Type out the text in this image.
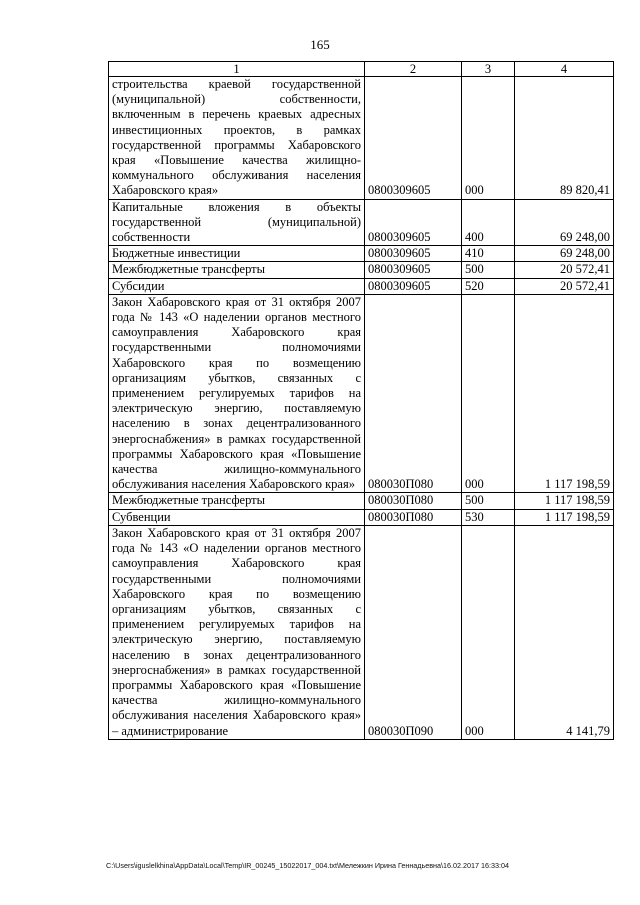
165
1	2	3	4
строительства краевой государственной (муниципальной) собственности, включенным в перечень краевых адресных инвестиционных проектов, в рамках государственной программы Хабаровского края «Повышение качества жилищно-коммунального обслуживания населения Хабаровского края»	0800309605	000	89 820,41
Капитальные вложения в объекты государственной (муниципальной) собственности	0800309605	400	69 248,00
Бюджетные инвестиции	0800309605	410	69 248,00
Межбюджетные трансферты	0800309605	500	20 572,41
Субсидии	0800309605	520	20 572,41
Закон Хабаровского края от 31 октября 2007 года № 143 «О наделении органов местного самоуправления Хабаровского края государственными полномочиями Хабаровского края по возмещению организациям убытков, связанных с применением регулируемых тарифов на электрическую энергию, поставляемую населению в зонах децентрализованного энергоснабжения» в рамках государственной программы Хабаровского края «Повышение качества жилищно-коммунального обслуживания населения Хабаровского края»	080030П080	000	1 117 198,59
Межбюджетные трансферты	080030П080	500	1 117 198,59
Субвенции	080030П080	530	1 117 198,59
Закон Хабаровского края от 31 октября 2007 года № 143 «О наделении органов местного самоуправления Хабаровского края государственными полномочиями Хабаровского края по возмещению организациям убытков, связанных с применением регулируемых тарифов на электрическую энергию, поставляемую населению в зонах децентрализованного энергоснабжения» в рамках государственной программы Хабаровского края «Повышение качества жилищно-коммунального обслуживания населения Хабаровского края» – администрирование	080030П090	000	4 141,79
C:\Users\iguslelkhina\AppData\Local\Temp\IR_00245_15022017_004.txt\Мележкин Ирина Геннадьевна\16.02.2017 16:33:04
